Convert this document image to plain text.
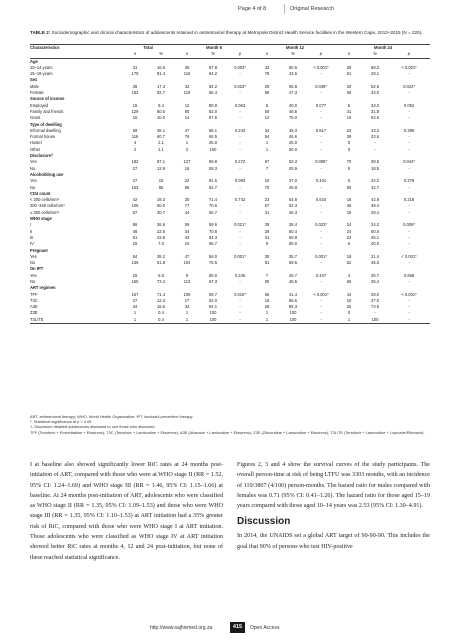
Page 4 of 8	Original Research
TABLE 2: Sociodemographic and clinical characteristics of adolescents retained in antiretroviral therapy at Metropole District Health Service facilities in the Western Cape, 2013–2015 (N = 220).
Characteristics	Total		Month 6			Month 12			Month 24		
	n	%	n	%	p	n	%	p	n	%	p
Age											
10–14 years	31	16.6	36	87.8	0.003*	33	80.5	< 0.001*	28	68.3	< 0.001*
15–19 years	179	81.4	115	64.2	-	78	43.6	-	51	28.1	-
Sex											
Male	38	17.3	32	84.2	0.023*	25	65.8	0.038*	20	52.6	0.022*
Female	182	82.7	119	65.4	-	86	47.3	-	60	33.0	-
Source of income											
Employed	15	9.4	12	80.0	0.063	6	40.0	0.077	5	33.3	0.052
Family and friends	129	80.6	80	62.0	-	60	46.5	-	41	31.8	-
Grant	16	10.0	14	87.5	-	12	75.0	-	10	62.5	-
Type of dwelling											
Informal dwelling	69	36.1	47	68.1	0.243	34	49.3	0.817	23	33.3	0.395
Formal house	116	60.7	76	65.5	-	54	46.6	-	39	33.6	-
Hostel	4	2.1	1	25.0	-	1	25.0	-	0	-	-
Other	2	1.1	2	100	-	1	50.0	-	0	-	-
Disclosure†											
Yes	182	87.1	127	69.8	0.272	97	53.3	0.008*	70	38.5	0.044*
No	27	12.9	16	59.3	-	7	25.9	-	5	18.5	-
Alcohol/drug use											
Yes	27	15	22	81.5	0.093	10	37.0	0.401	6	22.2	0.279
No	153	85	96	62.7	-	70	45.8	-	50	32.7	-
CD4 count											
< 200 cells/mm³	42	19.3	30	71.4	0.742	23	54.8	0.634	18	42.9	0.218
200–349 cells/mm³	109	50.0	77	70.6	-	57	52.3	-	45	39.4	-
≥ 350 cells/mm³	67	30.7	44	65.7	-	31	46.3	-	19	28.4	-
WHO stage											
I	86	36.5	59	59.6	0.021*	39	36.4	0.023*	24	24.2	0.008*
II	48	22.5	34	70.8	-	29	60.4	-	24	50.0	-
III	51	23.9	43	84.3	-	31	60.8	-	23	45.1	-
IV	15	7.0	10	66.7	-	9	60.0	-	6	40.0	-
Pregnant											
Yes	84	38.2	47	56.0	0.001*	30	35.7	0.001*	18	21.4	< 0.001*
No	136	61.8	104	76.5	-	81	59.6	-	62	45.6	-
On IPT											
Yes	15	6.8	9	60.0	0.346	7	46.7	0.407	4	26.7	0.658
No	165	73.2	113	67.3	-	80	48.5	-	60	36.4	-
ART regimen											
TFF	157	71.4	109	69.7	0.010*	65	41.4	< 0.001*	44	28.0	< 0.001*
T3C	27	12.3	17	62.0	-	15	55.6	-	10	37.0	-
A3E	34	15.5	32	94.1	-	29	85.3	-	25	73.5	-
Z3E	1	0.4	1	100	-	1	100	-	0	-	-
T3L/TE	1	0.4	1	100	-	1	100	-	1	100	-
ART, antiretroviral therapy; WHO, World Health Organization; IPT, isoniazid preventive therapy.
*, Statistical significance at p < 0.05.
†, Disclosure detailed adolescents disclosed to one those who disclosed.
TFF (Tenofovir + Emtricitabine + Efavirenz), T3C (Tenofovir + Lamivudine + Efavirenz), A3E (Abacavir + Lamivudine + Efavirenz), Z3E (Zidovudine + Lamivudine + Efavirenz), T3L/TE (Tenofovir + Lamivudine + Lopinavir/Ritonavir).

I at baseline also showed significantly lower RiC rates at 24 months post-initiation of ART, compared with those who were at WHO stage II (RR = 1.52, 95% CI: 1.24–1.69) and WHO stage III (RR = 1.46, 95% CI: 1.15–1.66) at baseline. At 24 months post-initiation of ART, adolescents who were classified as WHO stage II (RR = 1.35, 95% CI: 1.09–1.53) and those who were WHO stage III (RR = 1.35, 95% CI: 1.10–1.53) at ART initiation had a 35% greater risk of RiC, compared with those who were WHO stage I at ART initiation. Those adolescents who were classified as WHO stage IV at ART initiation showed better RiC rates at months 4, 12 and 24 post-initiation, but none of these reached statistical significance.

Figures 2, 3 and 4 show the survival curves of the study participants. The overall person-time at risk of being LTFU was 3303 months, with an incidence of 119/3807 (4/100) person-months. The hazard ratio for males compared with females was 0.71 (95% CI: 0.41–1.26). The hazard ratio for those aged 15–19 years compared with those aged 10–14 years was 2.53 (95% CI: 1.30–4.91).

Discussion

In 2014, the UNAIDS set a global ART target of 90-90-90. This includes the goal that 90% of persons who test HIV-positive

http://www.sajhivmed.org.za	415	Open Access
